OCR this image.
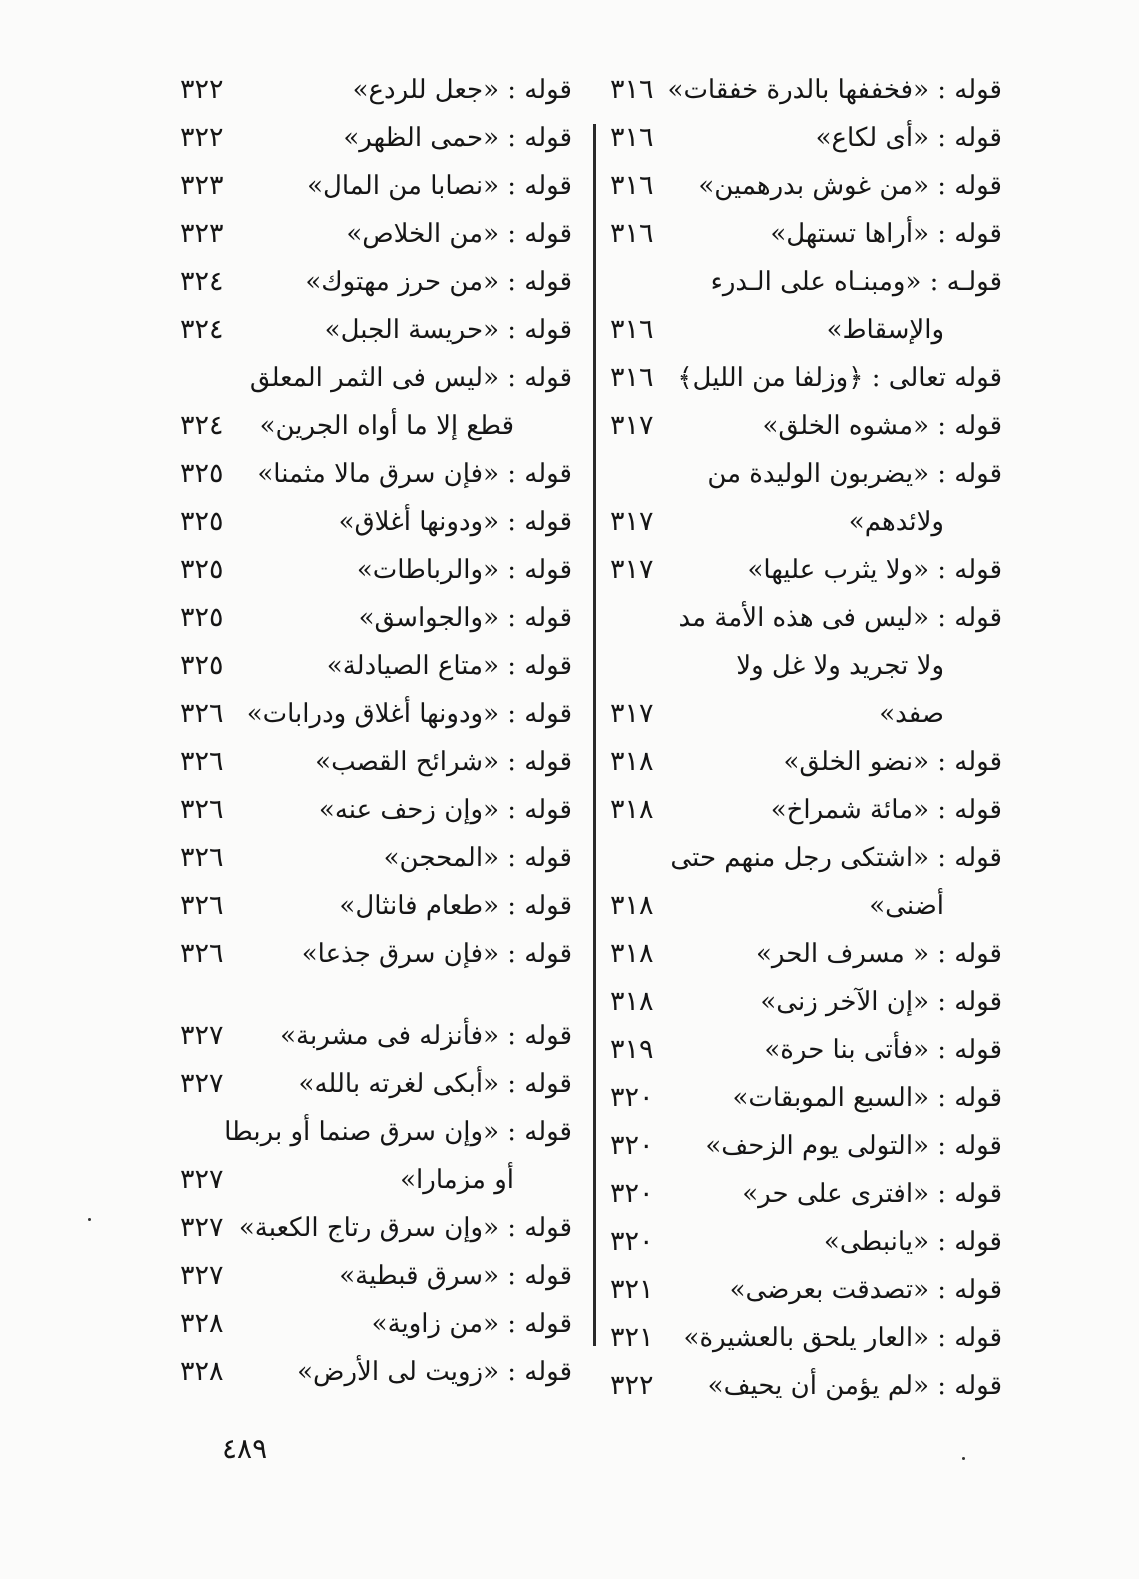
قوله : «فخففها بالدرة خفقات»
٣١٦
قوله : «أى لكاع»
٣١٦
قوله : «من غوش بدرهمين»
٣١٦
قوله : «أراها تستهل»
٣١٦
قولـه : «ومبنـاه على الـدرء
والإسقاط»
٣١٦
قوله تعالى : ﴿وزلفا من الليل﴾
٣١٦
قوله : «مشوه الخلق»
٣١٧
قوله : «يضربون الوليدة من
ولائدهم»
٣١٧
قوله : «ولا يثرب عليها»
٣١٧
قوله : «ليس فى هذه الأمة مد
ولا تجريد ولا غل ولا
صفد»
٣١٧
قوله : «نضو الخلق»
٣١٨
قوله : «مائة شمراخ»
٣١٨
قوله : «اشتكى رجل منهم حتى
أضنى»
٣١٨
قوله : « مسرف الحر»
٣١٨
قوله : «إن الآخر زنى»
٣١٨
قوله : «فأتى بنا حرة»
٣١٩
قوله : «السبع الموبقات»
٣٢٠
قوله : «التولى يوم الزحف»
٣٢٠
قوله : «افترى على حر»
٣٢٠
قوله : «يانبطى»
٣٢٠
قوله : «تصدقت بعرضى»
٣٢١
قوله : «العار يلحق بالعشيرة»
٣٢١
قوله : «لم يؤمن أن يحيف»
٣٢٢
قوله : «جعل للردع»
٣٢٢
قوله : «حمى الظهر»
٣٢٢
قوله : «نصابا من المال»
٣٢٣
قوله : «من الخلاص»
٣٢٣
قوله : «من حرز مهتوك»
٣٢٤
قوله : «حريسة الجبل»
٣٢٤
قوله : «ليس فى الثمر المعلق
قطع إلا ما أواه الجرين»
٣٢٤
قوله : «فإن سرق مالا مثمنا»
٣٢٥
قوله : «ودونها أغلاق»
٣٢٥
قوله : «والرباطات»
٣٢٥
قوله : «والجواسق»
٣٢٥
قوله : «متاع الصيادلة»
٣٢٥
قوله : «ودونها أغلاق ودرابات»
٣٢٦
قوله : «شرائح القصب»
٣٢٦
قوله : «وإن زحف عنه»
٣٢٦
قوله : «المحجن»
٣٢٦
قوله : «طعام فانثال»
٣٢٦
قوله : «فإن سرق جذعا»
٣٢٦
قوله : «فأنزله فى مشربة»
٣٢٧
قوله : «أبكى لغرته بالله»
٣٢٧
قوله : «وإن سرق صنما أو بربطا
أو مزمارا»
٣٢٧
قوله : «وإن سرق رتاج الكعبة»
٣٢٧
قوله : «سرق قبطية»
٣٢٧
قوله : «من زاوية»
٣٢٨
قوله : «زويت لى الأرض»
٣٢٨
٤٨٩
